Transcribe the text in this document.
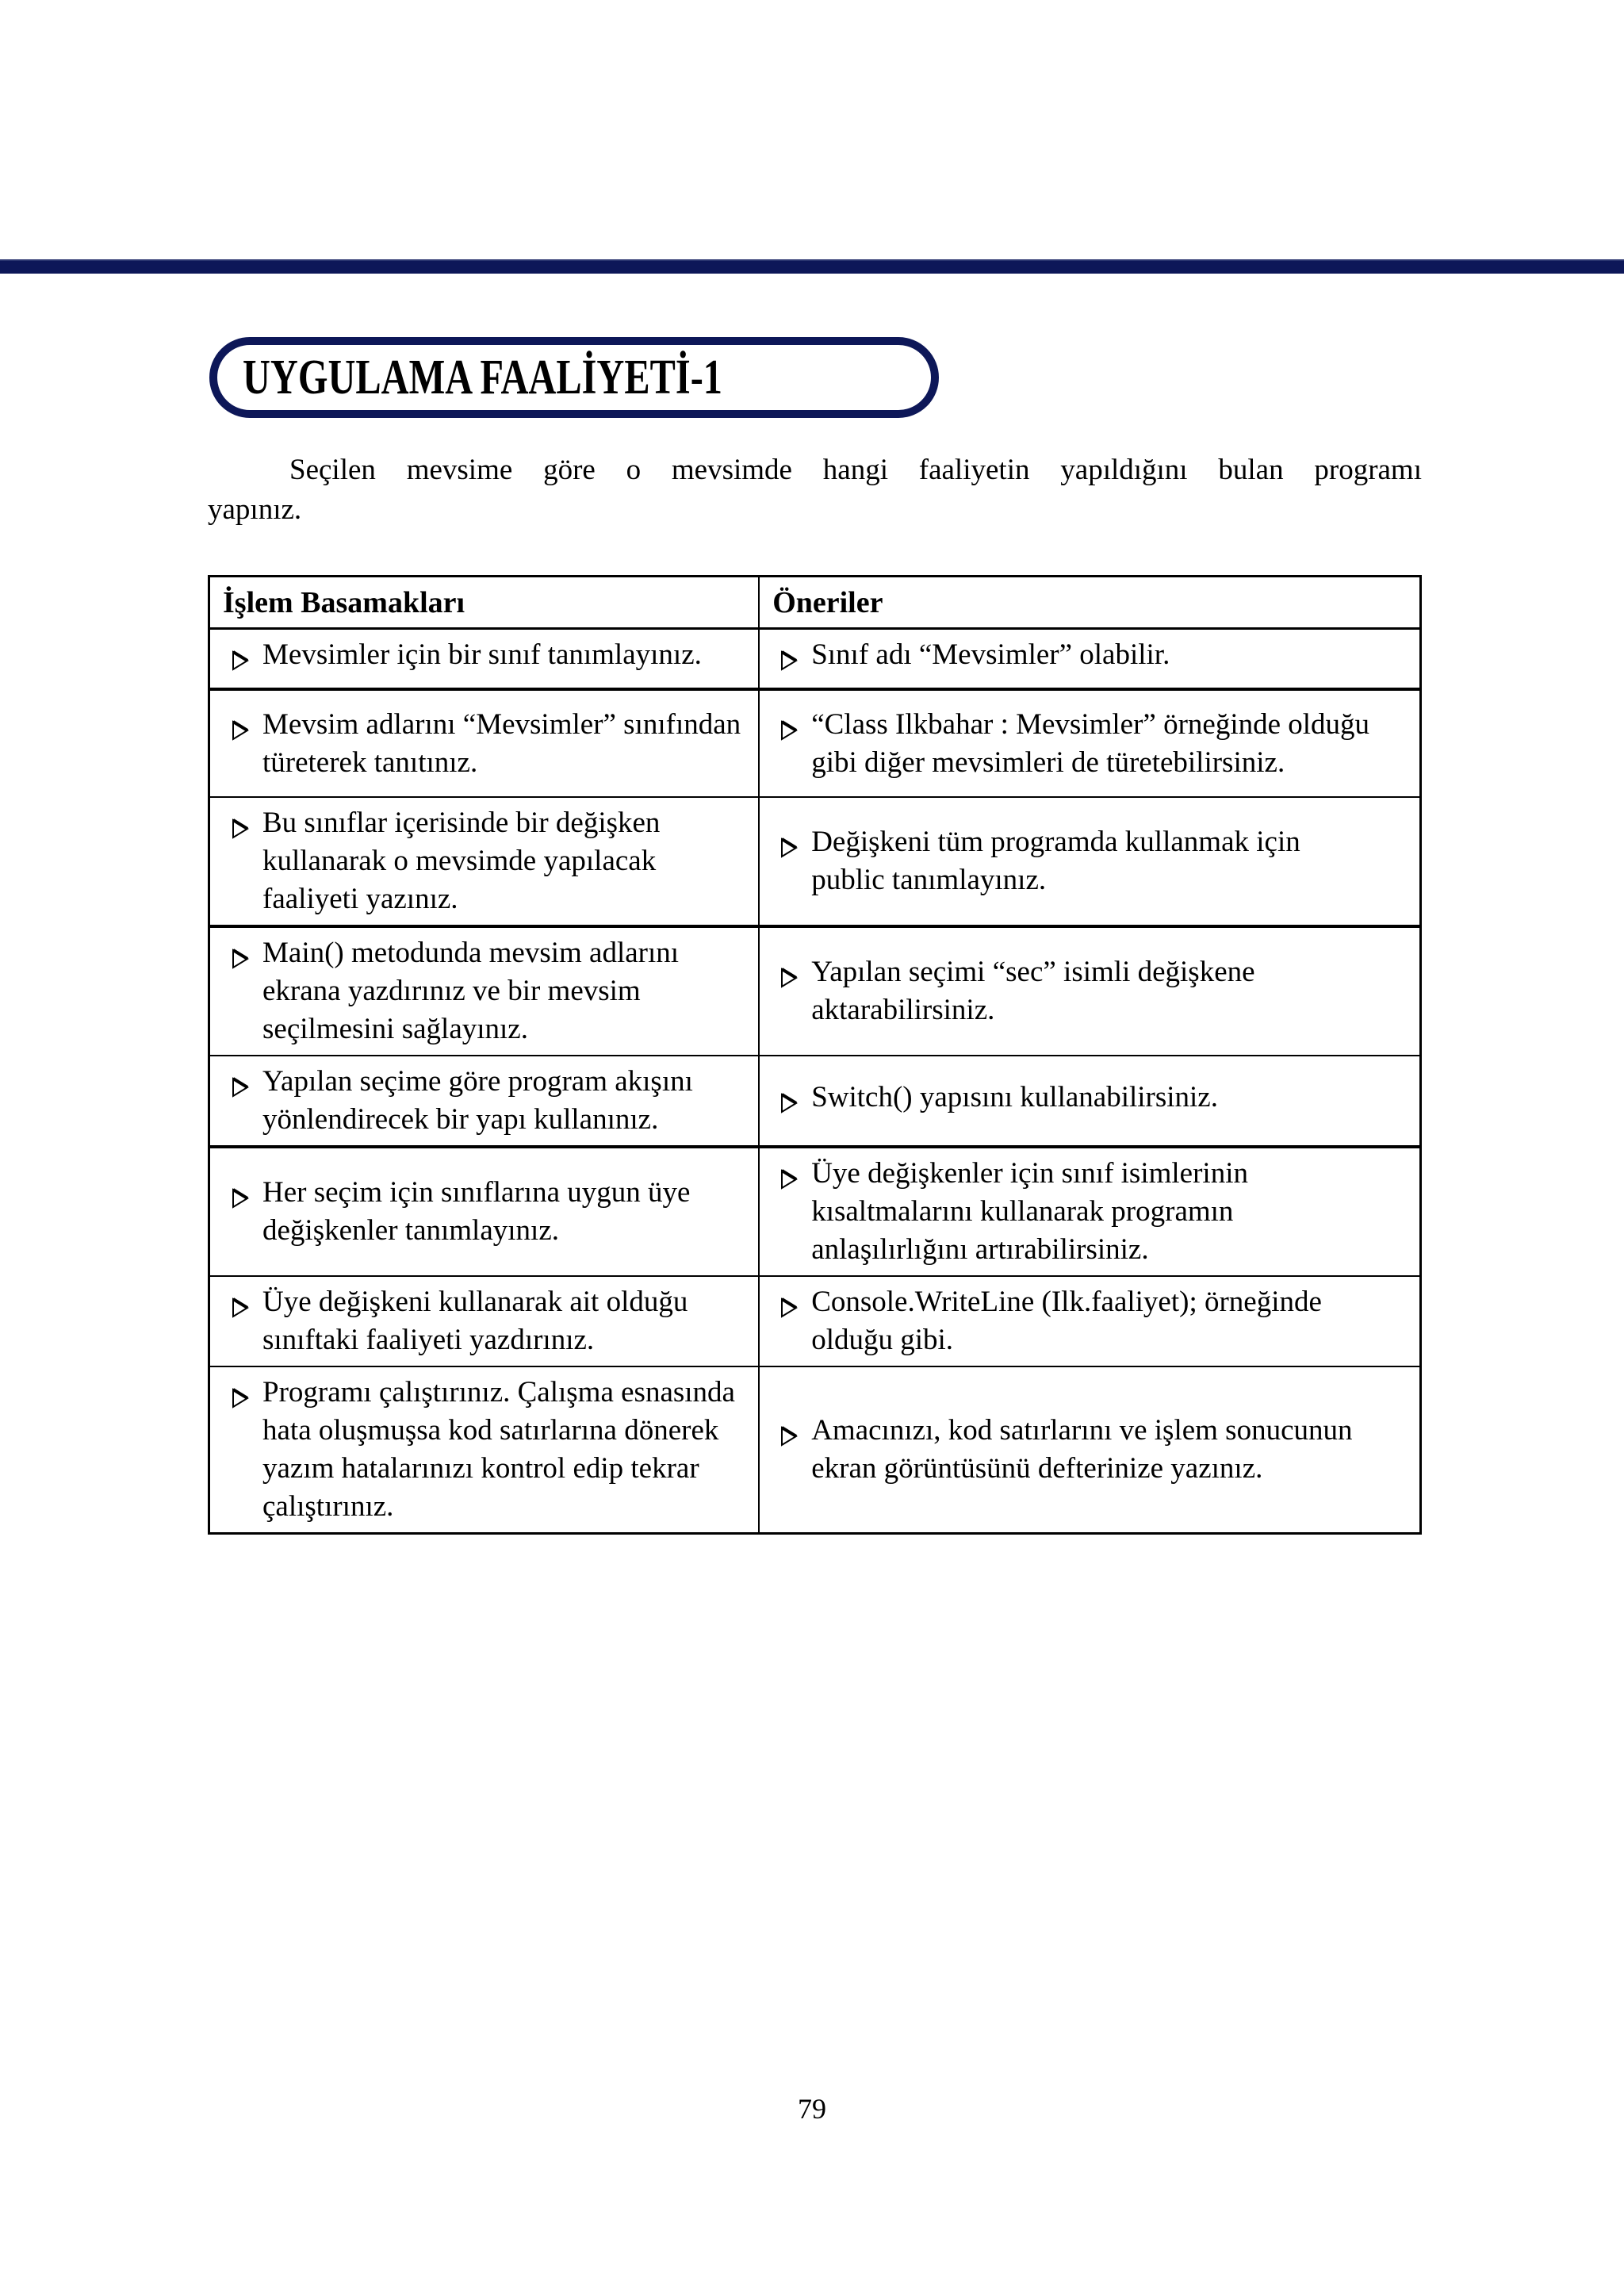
UYGULAMA FAALİYETİ-1
Seçilen mevsime göre o mevsimde hangi faaliyetin yapıldığını bulan programı
yapınız.
İşlem Basamakları	Öneriler

Mevsimler için bir sınıf tanımlayınız.	Sınıf adı “Mevsimler” olabilir.

Mevsim adlarını “Mevsimler” sınıfından türeterek tanıtınız.	“Class Ilkbahar : Mevsimler” örneğinde olduğu gibi diğer mevsimleri de türetebilirsiniz.

Bu sınıflar içerisinde bir değişken kullanarak o mevsimde yapılacak faaliyeti yazınız.	Değişkeni tüm programda kullanmak için public tanımlayınız.

Main() metodunda mevsim adlarını ekrana yazdırınız ve bir mevsim seçilmesini sağlayınız.	Yapılan seçimi “sec” isimli değişkene aktarabilirsiniz.

Yapılan seçime göre program akışını yönlendirecek bir yapı kullanınız.	Switch() yapısını kullanabilirsiniz.

Her seçim için sınıflarına uygun üye değişkenler tanımlayınız.	Üye değişkenler için sınıf isimlerinin kısaltmalarını kullanarak programın anlaşılırlığını artırabilirsiniz.

Üye değişkeni kullanarak ait olduğu sınıftaki faaliyeti yazdırınız.	Console.WriteLine (Ilk.faaliyet); örneğinde olduğu gibi.

Programı çalıştırınız. Çalışma esnasında hata oluşmuşsa kod satırlarına dönerek yazım hatalarınızı kontrol edip tekrar çalıştırınız.	Amacınızı, kod satırlarını ve işlem sonucunun ekran görüntüsünü defterinize yazınız.
79
